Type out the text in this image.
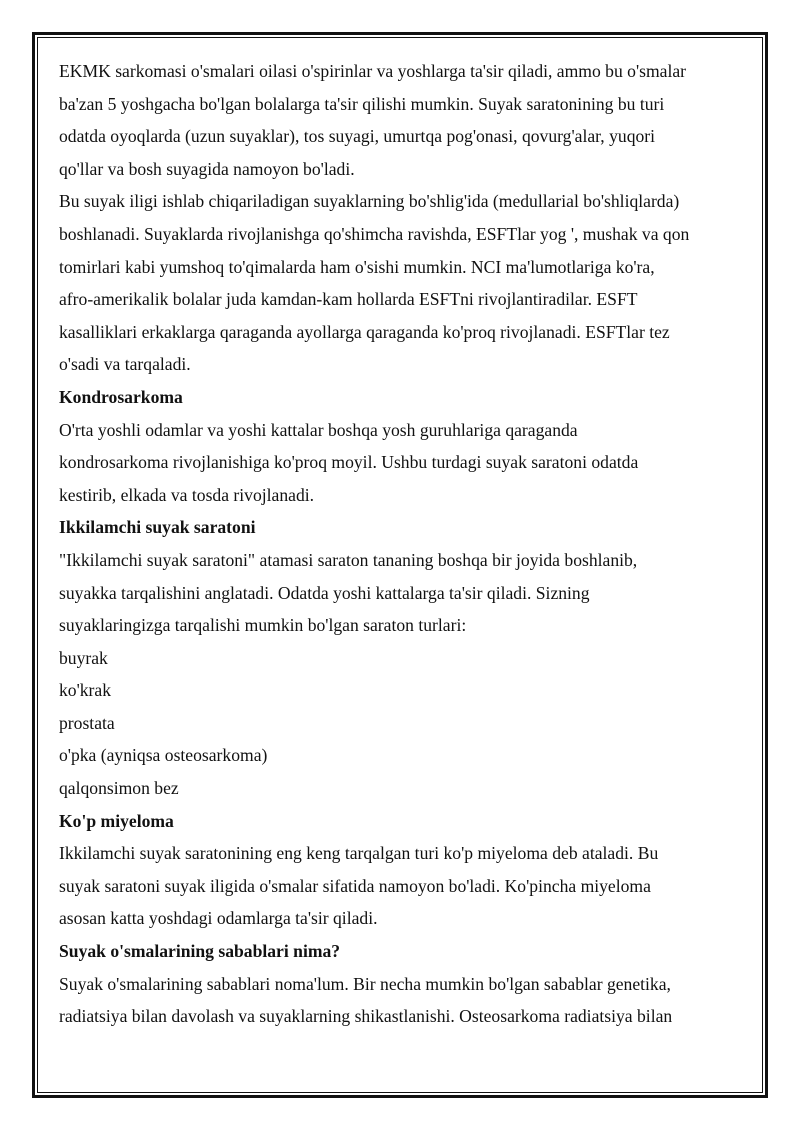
EKMK sarkomasi o'smalari oilasi o'spirinlar va yoshlarga ta'sir qiladi, ammo bu o'smalar

ba'zan 5 yoshgacha bo'lgan bolalarga ta'sir qilishi mumkin. Suyak saratonining bu turi

odatda oyoqlarda (uzun suyaklar), tos suyagi, umurtqa pog'onasi, qovurg'alar, yuqori

qo'llar va bosh suyagida namoyon bo'ladi.

Bu suyak iligi ishlab chiqariladigan suyaklarning bo'shlig'ida (medullarial bo'shliqlarda)

boshlanadi. Suyaklarda rivojlanishga qo'shimcha ravishda, ESFTlar yog ', mushak va qon

tomirlari kabi yumshoq to'qimalarda ham o'sishi mumkin. NCI ma'lumotlariga ko'ra,

afro-amerikalik bolalar juda kamdan-kam hollarda ESFTni rivojlantiradilar. ESFT

kasalliklari erkaklarga qaraganda ayollarga qaraganda ko'proq rivojlanadi. ESFTlar tez

o'sadi va tarqaladi.

Kondrosarkoma

O'rta yoshli odamlar va yoshi kattalar boshqa yosh guruhlariga qaraganda

kondrosarkoma rivojlanishiga ko'proq moyil. Ushbu turdagi suyak saratoni odatda

kestirib, elkada va tosda rivojlanadi.

Ikkilamchi suyak saratoni

"Ikkilamchi suyak saratoni" atamasi saraton tananing boshqa bir joyida boshlanib,

suyakka tarqalishini anglatadi. Odatda yoshi kattalarga ta'sir qiladi. Sizning

suyaklaringizga tarqalishi mumkin bo'lgan saraton turlari:

buyrak

ko'krak

prostata

o'pka (ayniqsa osteosarkoma)

qalqonsimon bez

Ko'p miyeloma

Ikkilamchi suyak saratonining eng keng tarqalgan turi ko'p miyeloma deb ataladi. Bu

suyak saratoni suyak iligida o'smalar sifatida namoyon bo'ladi. Ko'pincha miyeloma

asosan katta yoshdagi odamlarga ta'sir qiladi.

Suyak o'smalarining sabablari nima?

Suyak o'smalarining sabablari noma'lum. Bir necha mumkin bo'lgan sabablar genetika,

radiatsiya bilan davolash va suyaklarning shikastlanishi. Osteosarkoma radiatsiya bilan
